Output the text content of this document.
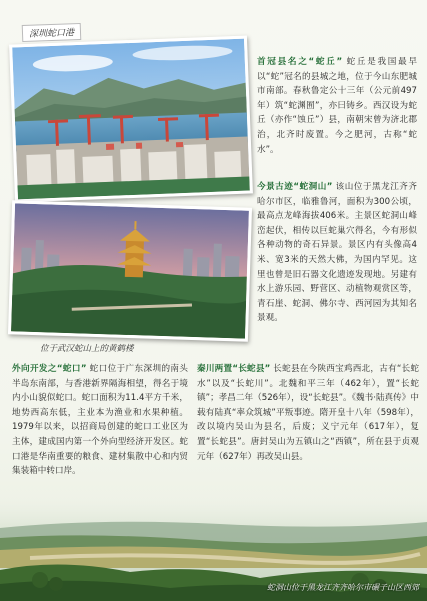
深圳蛇口港
位于武汉蛇山上的黄鹤楼

首冠县名之“蛇丘” 蛇丘是我国最早以“蛇”冠名的县城之地，位于今山东肥城市南部。春秋鲁定公十三年（公元前497年）筑“蛇渊囿”，亦曰铸乡。西汉设为蛇丘（亦作“蚀丘”）县，南朝宋曾为济北郡治，北齐时废置。今之肥河，古称“蛇水”。

今景古迹“蛇洞山” 该山位于黑龙江齐齐哈尔市区，临雅鲁河，面积为300公顷，最高点龙峰海拔406米。主景区蛇洞山峰峦起伏，相传以巨蛇巢穴得名，今有形似各种动物的奇石异景。景区内有头像高4米、宽3米的天然大佛，为国内罕见。这里也曾是旧石器文化遗迹发现地。另建有水上游乐园、野营区、动植物观赏区等，青石崖、蛇洞、佛尔寺、西河园为其知名景观。

外向开发之“蛇口” 蛇口位于广东深圳的南头半岛东南部，与香港新界隔海相望，得名于境内小山貌似蛇口。蛇口面积为11.4平方千米，地势西高东低，主业本为渔业和水果种植。1979年以来，以招商局创建的蛇口工业区为主体，建成国内第一个外向型经济开发区。蛇口港是华南重要的粮食、建材集散中心和内贸集装箱中转口岸。

秦川两置“长蛇县” 长蛇县在今陕西宝鸡西北，古有“长蛇水”以及“长蛇川”。北魏和平三年（462年），置“长蛇镇”；孝昌二年（526年），设“长蛇县”。《魏书·陆真传》中载有陆真“率众筑城”平叛事迹。隋开皇十八年（598年），改以境内吴山为县名，后废；义宁元年（617年），复置“长蛇县”。唐封吴山为五镇山之“西镇”，所在县于贞观元年（627年）再改吴山县。

蛇洞山位于黑龙江齐齐哈尔市碾子山区西郊
